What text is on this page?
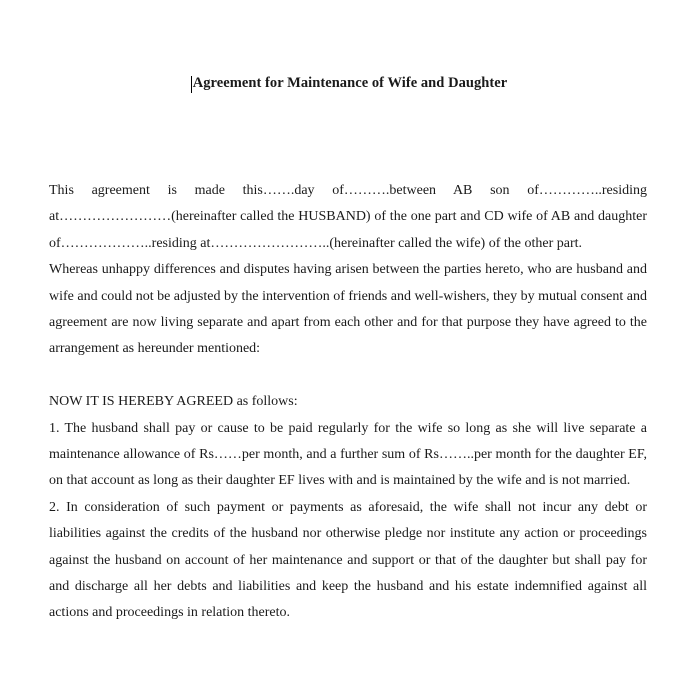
Agreement for Maintenance of Wife and Daughter

This agreement is made this…….day of……….between AB son of…………..residing at……………………(hereinafter called the HUSBAND) of the one part and CD wife of AB and daughter of………………..residing at……………………..(hereinafter called the wife) of the other part.

Whereas unhappy differences and disputes having arisen between the parties hereto, who are husband and wife and could not be adjusted by the intervention of friends and well-wishers, they by mutual consent and agreement are now living separate and apart from each other and for that purpose they have agreed to the arrangement as hereunder mentioned:

NOW IT IS HEREBY AGREED as follows:

1. The husband shall pay or cause to be paid regularly for the wife so long as she will live separate a maintenance allowance of Rs……per month, and a further sum of Rs……..per month for the daughter EF, on that account as long as their daughter EF lives with and is maintained by the wife and is not married.

2. In consideration of such payment or payments as aforesaid, the wife shall not incur any debt or liabilities against the credits of the husband nor otherwise pledge nor institute any action or proceedings against the husband on account of her maintenance and support or that of the daughter but shall pay for and discharge all her debts and liabilities and keep the husband and his estate indemnified against all actions and proceedings in relation thereto.
